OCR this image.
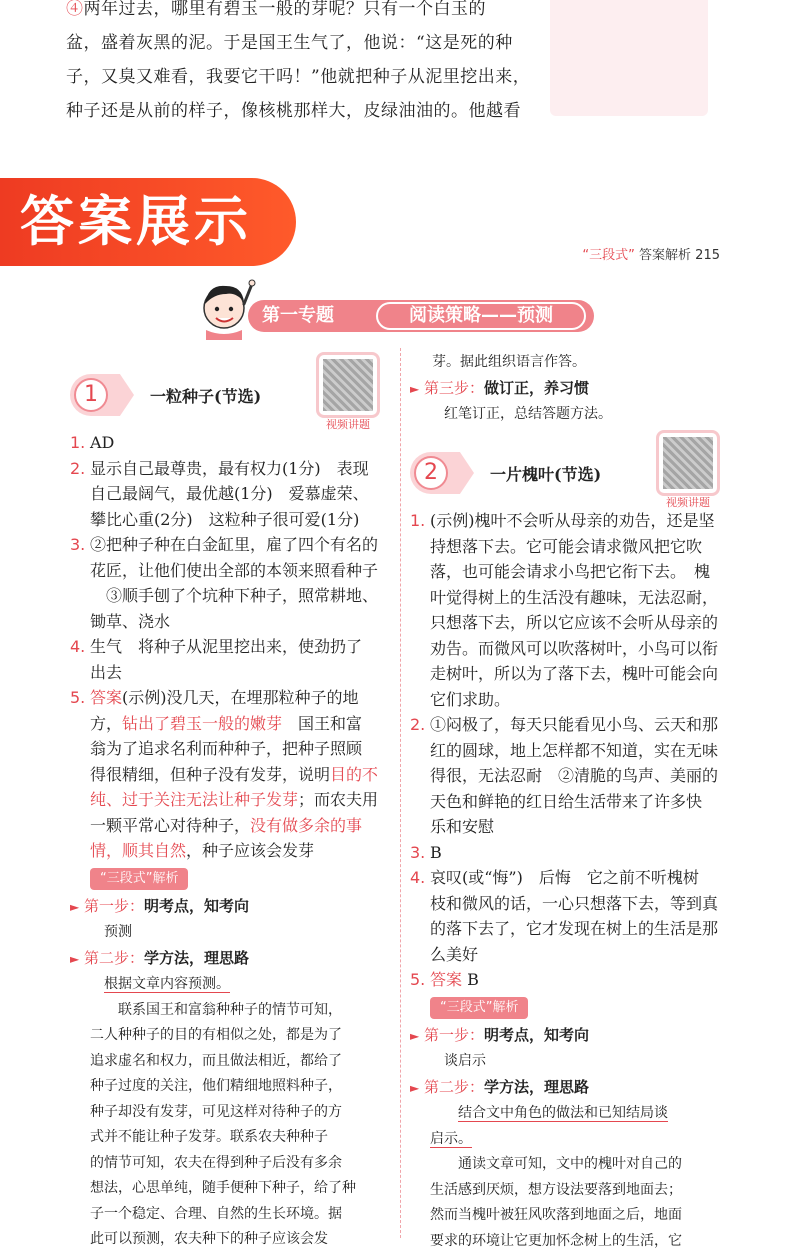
④两年过去，哪里有碧玉一般的芽呢？只有一个白玉的

盆，盛着灰黑的泥。于是国王生气了，他说：“这是死的种

子，又臭又难看，我要它干吗！”他就把种子从泥里挖出来，

种子还是从前的样子，像核桃那样大，皮绿油油的。他越看

答案展示
“三段式” 答案解析 215
第一专题	阅读策略——预测
1	一粒种子(节选)
视频讲题

1. AD

2. 显示自己最尊贵，最有权力(1分)　表现
自己最阔气，最优越(1分)　爱慕虚荣、
攀比心重(2分)　这粒种子很可爱(1分)

3. ②把种子种在白金缸里，雇了四个有名的
花匠，让他们使出全部的本领来照看种子
　③顺手刨了个坑种下种子，照常耕地、
锄草、浇水

4. 生气　将种子从泥里挖出来，使劲扔了
出去

5. 答案(示例)没几天，在埋那粒种子的地
方，钻出了碧玉一般的嫩芽　国王和富
翁为了追求名利而种种子，把种子照顾
得很精细，但种子没有发芽，说明目的不
纯、过于关注无法让种子发芽；而农夫用
一颗平常心对待种子，没有做多余的事
情，顺其自然，种子应该会发芽

“三段式”解析

► 第一步：明考点，知考向

预测

► 第二步：学方法，理思路

根据文章内容预测。

联系国王和富翁种种子的情节可知，

二人种种子的目的有相似之处，都是为了

追求虚名和权力，而且做法相近，都给了

种子过度的关注，他们精细地照料种子，

种子却没有发芽，可见这样对待种子的方

式并不能让种子发芽。联系农夫种种子

的情节可知，农夫在得到种子后没有多余

想法，心思单纯，随手便种下种子，给了种

子一个稳定、合理、自然的生长环境。据

此可以预测，农夫种下的种子应该会发

芽。据此组织语言作答。

► 第三步：做订正，养习惯

红笔订正，总结答题方法。

2	一片槐叶(节选)
视频讲题

1. (示例)槐叶不会听从母亲的劝告，还是坚
持想落下去。它可能会请求微风把它吹
落，也可能会请求小鸟把它衔下去。　槐
叶觉得树上的生活没有趣味，无法忍耐，
只想落下去，所以它应该不会听从母亲的
劝告。而微风可以吹落树叶，小鸟可以衔
走树叶，所以为了落下去，槐叶可能会向
它们求助。

2. ①闷极了，每天只能看见小鸟、云天和那
红的圆球，地上怎样都不知道，实在无味
得很，无法忍耐　②清脆的鸟声、美丽的
天色和鲜艳的红日给生活带来了许多快
乐和安慰

3. B

4. 哀叹(或“悔”)　后悔　它之前不听槐树
枝和微风的话，一心只想落下去，等到真
的落下去了，它才发现在树上的生活是那
么美好

5. 答案 B

“三段式”解析

► 第一步：明考点，知考向

谈启示

► 第二步：学方法，理思路

结合文中角色的做法和已知结局谈

启示。

通读文章可知，文中的槐叶对自己的

生活感到厌烦，想方设法要落到地面去；

然而当槐叶被狂风吹落到地面之后，地面

要求的环境让它更加怀念树上的生活，它
